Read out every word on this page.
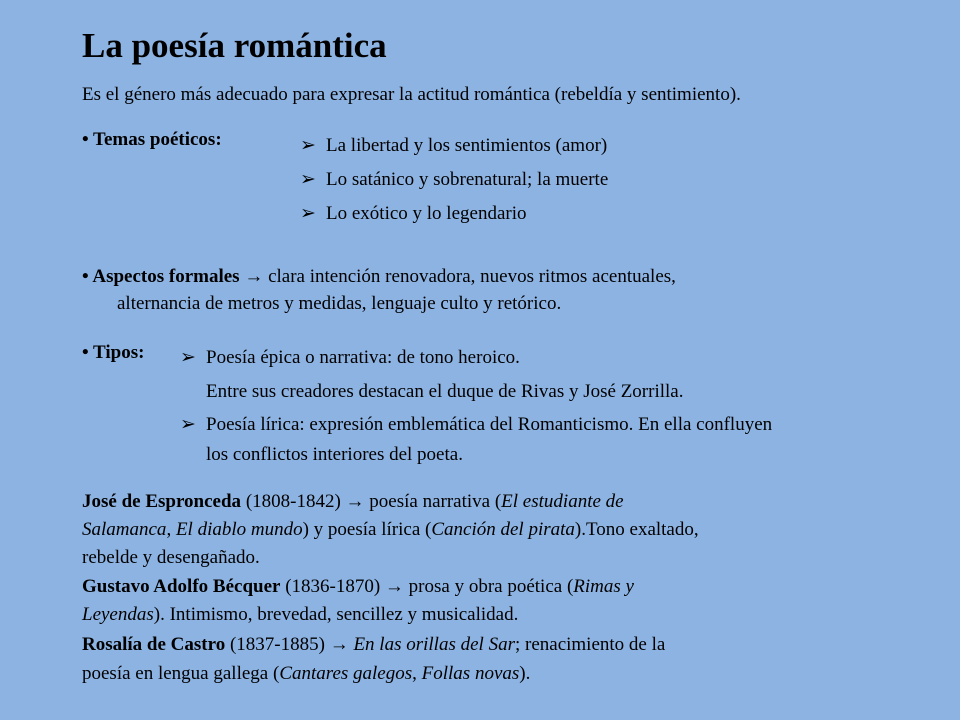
La poesía romántica
Es el género más adecuado para expresar la actitud romántica (rebeldía y sentimiento).
• Temas poéticos:	➢ La libertad y los sentimientos (amor)
➢ Lo satánico y sobrenatural; la muerte
➢ Lo exótico y lo legendario
• Aspectos formales → clara intención renovadora, nuevos ritmos acentuales,
alternancia de metros y medidas, lenguaje culto y retórico.
• Tipos: ➢ Poesía épica o narrativa: de tono heroico.
Entre sus creadores destacan el duque de Rivas y José Zorrilla.
➢ Poesía lírica: expresión emblemática del Romanticismo. En ella confluyen
los conflictos interiores del poeta.
José de Espronceda (1808-1842) → poesía narrativa (El estudiante de
Salamanca, El diablo mundo) y poesía lírica (Canción del pirata).Tono exaltado,
rebelde y desengañado.
Gustavo Adolfo Bécquer (1836-1870) → prosa y obra poética (Rimas y
Leyendas). Intimismo, brevedad, sencillez y musicalidad.
Rosalía de Castro (1837-1885) → En las orillas del Sar; renacimiento de la
poesía en lengua gallega (Cantares galegos, Follas novas).
